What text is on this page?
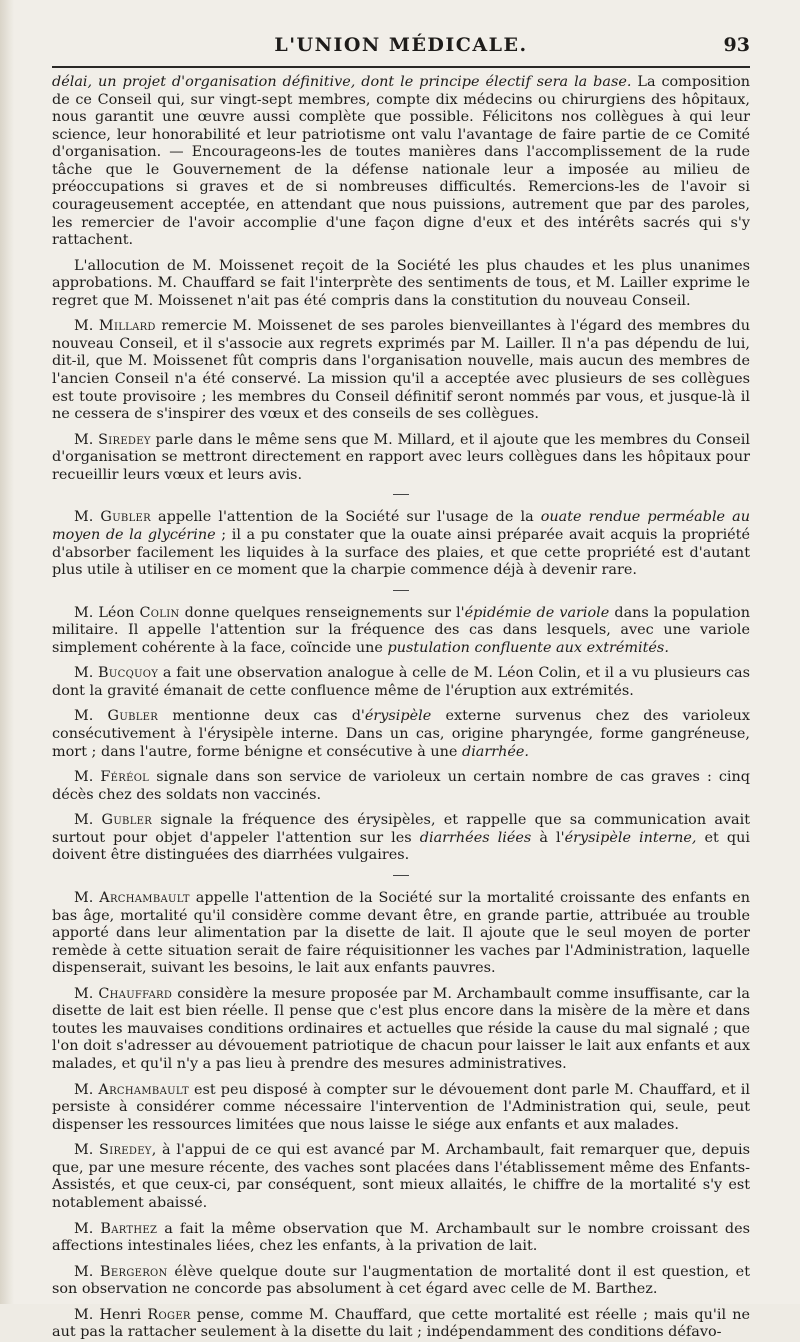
L'UNION MÉDICALE.	93

délai, un projet d'organisation définitive, dont le principe électif sera la base. La composition de ce Conseil qui, sur vingt-sept membres, compte dix médecins ou chirurgiens des hôpitaux, nous garantit une œuvre aussi complète que possible. Félicitons nos collègues à qui leur science, leur honorabilité et leur patriotisme ont valu l'avantage de faire partie de ce Comité d'organisation. — Encourageons-les de toutes manières dans l'accomplissement de la rude tâche que le Gouvernement de la défense nationale leur a imposée au milieu de préoccupations si graves et de si nombreuses difficultés. Remercions-les de l'avoir si courageusement acceptée, en attendant que nous puissions, autrement que par des paroles, les remercier de l'avoir accomplie d'une façon digne d'eux et des intérêts sacrés qui s'y rattachent.

L'allocution de M. Moissenet reçoit de la Société les plus chaudes et les plus unanimes approbations. M. Chauffard se fait l'interprète des sentiments de tous, et M. Lailler exprime le regret que M. Moissenet n'ait pas été compris dans la constitution du nouveau Conseil.

M. Millard remercie M. Moissenet de ses paroles bienveillantes à l'égard des membres du nouveau Conseil, et il s'associe aux regrets exprimés par M. Lailler. Il n'a pas dépendu de lui, dit-il, que M. Moissenet fût compris dans l'organisation nouvelle, mais aucun des membres de l'ancien Conseil n'a été conservé. La mission qu'il a acceptée avec plusieurs de ses collègues est toute provisoire ; les membres du Conseil définitif seront nommés par vous, et jusque-là il ne cessera de s'inspirer des vœux et des conseils de ses collègues.

M. Siredey parle dans le même sens que M. Millard, et il ajoute que les membres du Conseil d'organisation se mettront directement en rapport avec leurs collègues dans les hôpitaux pour recueillir leurs vœux et leurs avis.

M. Gubler appelle l'attention de la Société sur l'usage de la ouate rendue perméable au moyen de la glycérine ; il a pu constater que la ouate ainsi préparée avait acquis la propriété d'absorber facilement les liquides à la surface des plaies, et que cette propriété est d'autant plus utile à utiliser en ce moment que la charpie commence déjà à devenir rare.

M. Léon Colin donne quelques renseignements sur l'épidémie de variole dans la population militaire. Il appelle l'attention sur la fréquence des cas dans lesquels, avec une variole simplement cohérente à la face, coïncide une pustulation confluente aux extrémités.

M. Bucquoy a fait une observation analogue à celle de M. Léon Colin, et il a vu plusieurs cas dont la gravité émanait de cette confluence même de l'éruption aux extrémités.

M. Gubler mentionne deux cas d'érysipèle externe survenus chez des varioleux consécutivement à l'érysipèle interne. Dans un cas, origine pharyngée, forme gangréneuse, mort ; dans l'autre, forme bénigne et consécutive à une diarrhée.

M. Féréol signale dans son service de varioleux un certain nombre de cas graves : cinq décès chez des soldats non vaccinés.

M. Gubler signale la fréquence des érysipèles, et rappelle que sa communication avait surtout pour objet d'appeler l'attention sur les diarrhées liées à l'érysipèle interne, et qui doivent être distinguées des diarrhées vulgaires.

M. Archambault appelle l'attention de la Société sur la mortalité croissante des enfants en bas âge, mortalité qu'il considère comme devant être, en grande partie, attribuée au trouble apporté dans leur alimentation par la disette de lait. Il ajoute que le seul moyen de porter remède à cette situation serait de faire réquisitionner les vaches par l'Administration, laquelle dispenserait, suivant les besoins, le lait aux enfants pauvres.

M. Chauffard considère la mesure proposée par M. Archambault comme insuffisante, car la disette de lait est bien réelle. Il pense que c'est plus encore dans la misère de la mère et dans toutes les mauvaises conditions ordinaires et actuelles que réside la cause du mal signalé ; que l'on doit s'adresser au dévouement patriotique de chacun pour laisser le lait aux enfants et aux malades, et qu'il n'y a pas lieu à prendre des mesures administratives.

M. Archambault est peu disposé à compter sur le dévouement dont parle M. Chauffard, et il persiste à considérer comme nécessaire l'intervention de l'Administration qui, seule, peut dispenser les ressources limitées que nous laisse le siége aux enfants et aux malades.

M. Siredey, à l'appui de ce qui est avancé par M. Archambault, fait remarquer que, depuis que, par une mesure récente, des vaches sont placées dans l'établissement même des Enfants-Assistés, et que ceux-ci, par conséquent, sont mieux allaités, le chiffre de la mortalité s'y est notablement abaissé.

M. Barthez a fait la même observation que M. Archambault sur le nombre croissant des affections intestinales liées, chez les enfants, à la privation de lait.

M. Bergeron élève quelque doute sur l'augmentation de mortalité dont il est question, et son observation ne concorde pas absolument à cet égard avec celle de M. Barthez.

M. Henri Roger pense, comme M. Chauffard, que cette mortalité est réelle ; mais qu'il ne aut pas la rattacher seulement à la disette du lait ; indépendamment des conditions défavo-
